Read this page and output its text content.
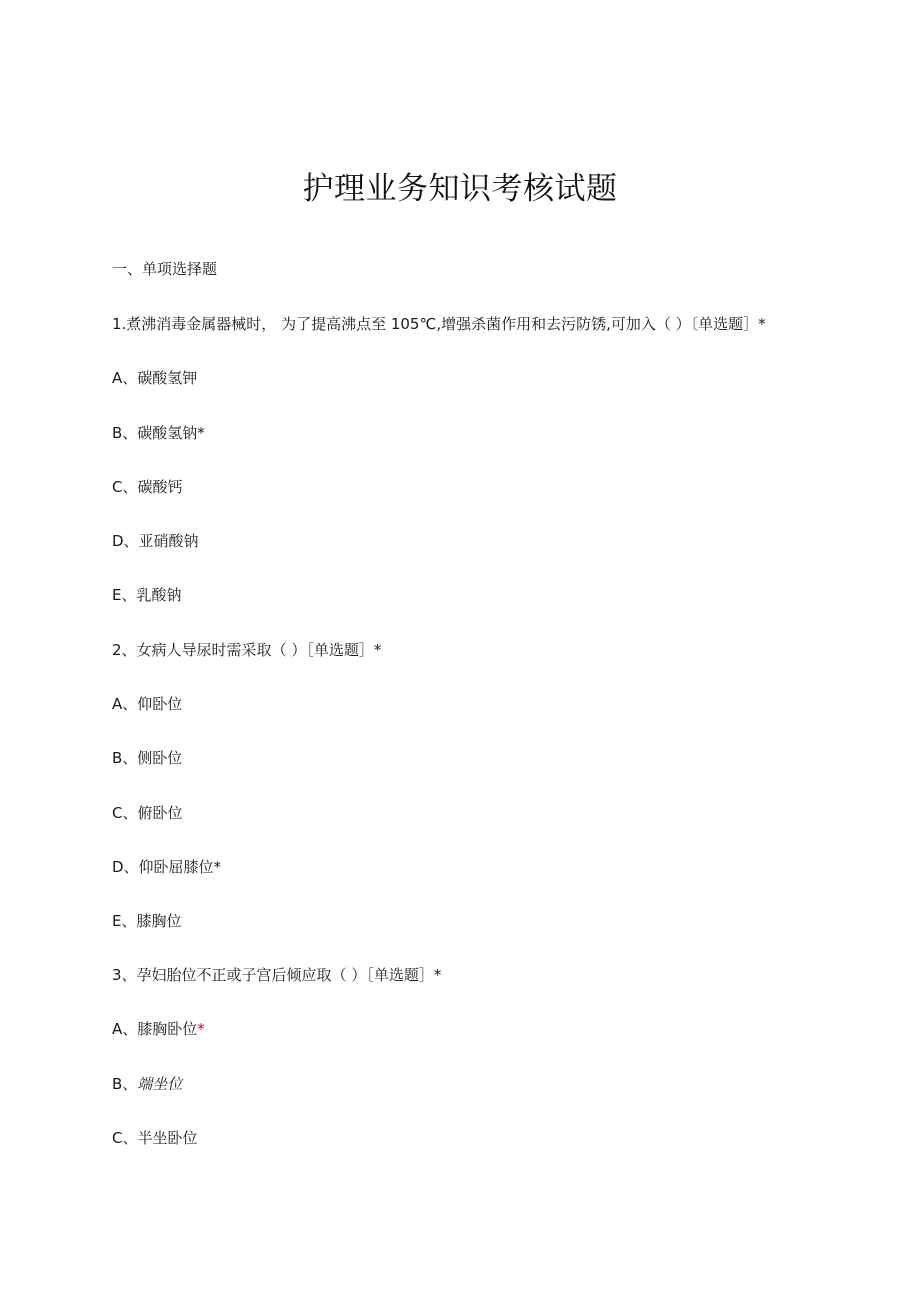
护理业务知识考核试题
一、单项选择题
1.煮沸消毒金属器械时， 为了提高沸点至 105℃,增强杀菌作用和去污防锈,可加入（ ）〔单选题］*
A、碳酸氢钾
B、碳酸氢钠*
C、碳酸钙
D、亚硝酸钠
E、乳酸钠
2、女病人导尿时需采取（ ）［单选题］*
A、仰卧位
B、侧卧位
C、俯卧位
D、仰卧屈膝位*
E、膝胸位
3、孕妇胎位不正或子宫后倾应取（ ）［单选题］*
A、膝胸卧位*
B、端坐位
C、半坐卧位
